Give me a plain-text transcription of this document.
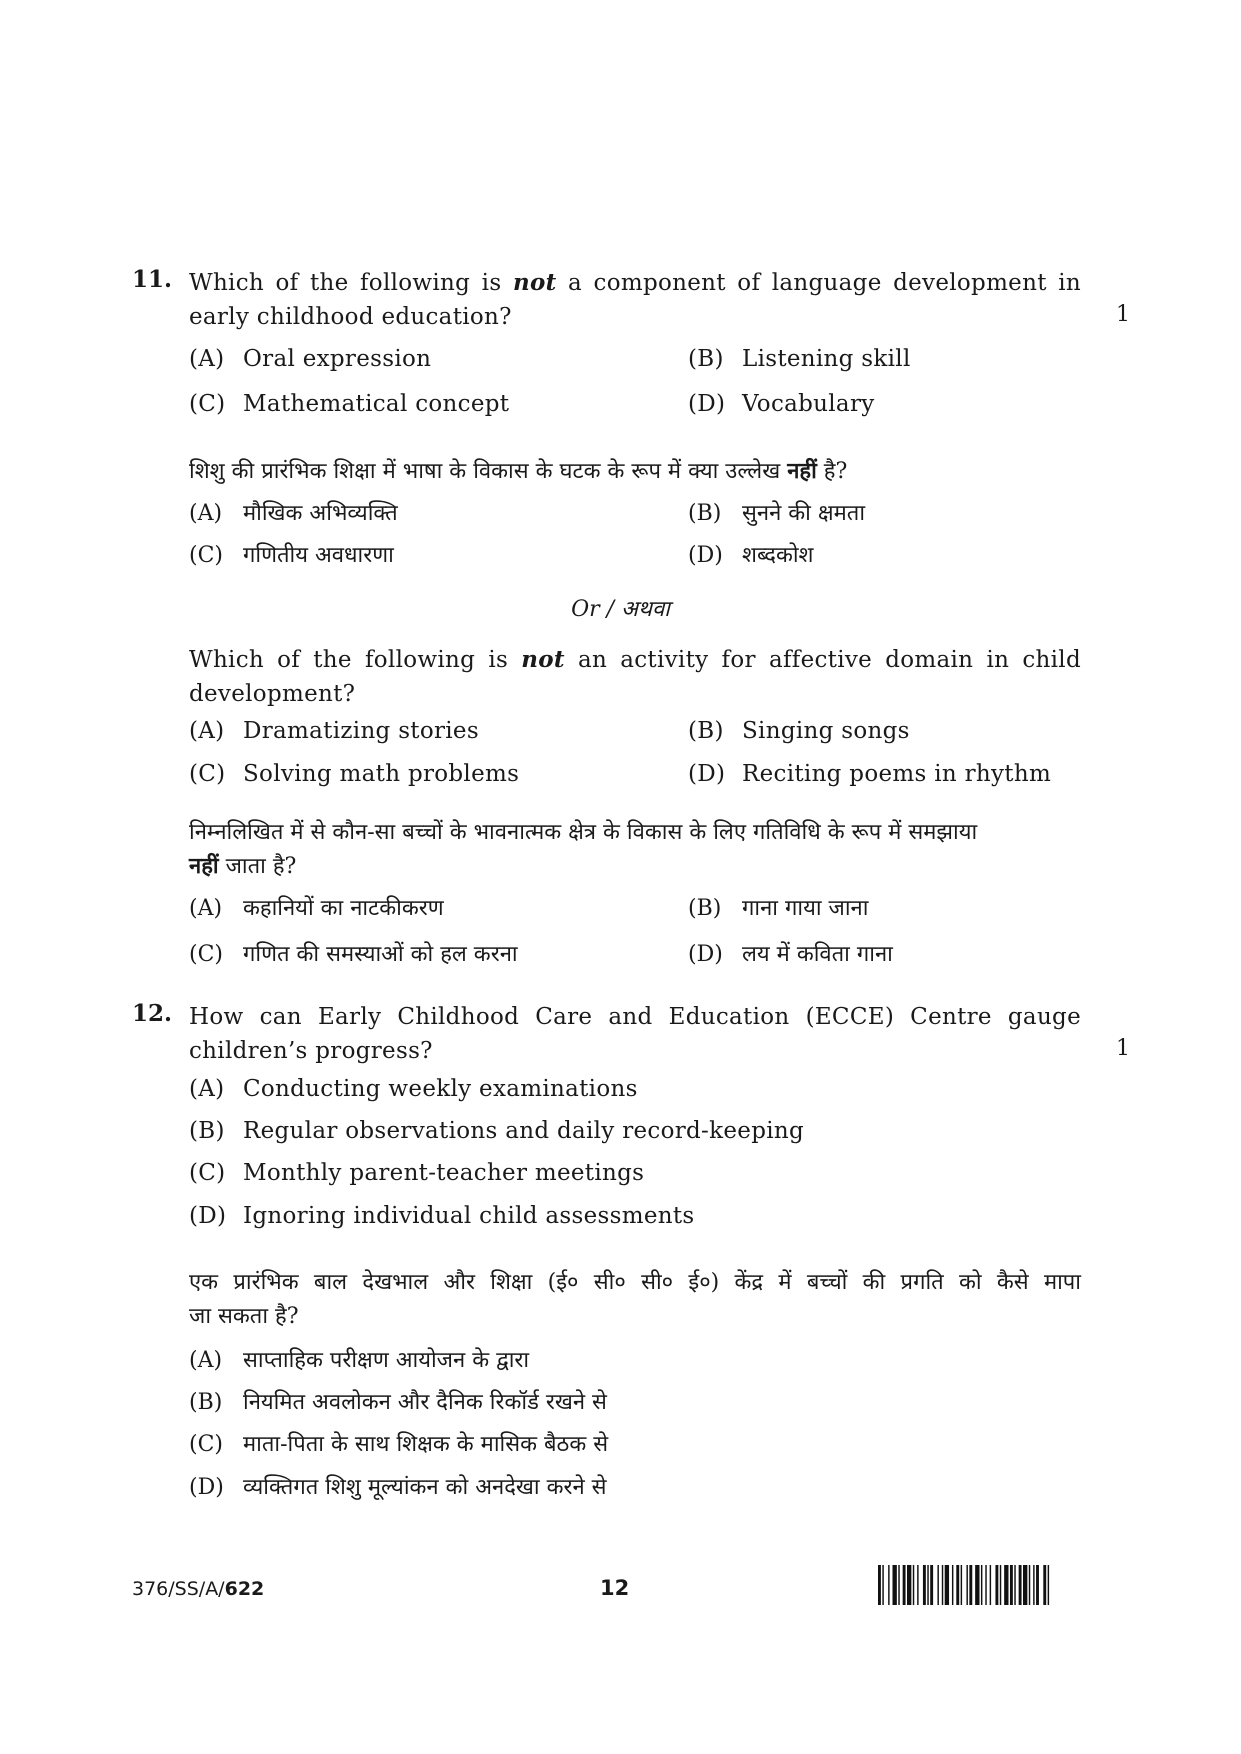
11. Which of the following is not a component of language development in
early childhood education?	1
(A) Oral expression	(B) Listening skill
(C) Mathematical concept	(D) Vocabulary
शिशु की प्रारंभिक शिक्षा में भाषा के विकास के घटक के रूप में क्या उल्लेख नहीं है?
(A) मौखिक अभिव्यक्ति	(B) सुनने की क्षमता
(C) गणितीय अवधारणा	(D) शब्दकोश
Or / अथवा
Which of the following is not an activity for affective domain in child
development?
(A) Dramatizing stories	(B) Singing songs
(C) Solving math problems	(D) Reciting poems in rhythm
निम्नलिखित में से कौन-सा बच्चों के भावनात्मक क्षेत्र के विकास के लिए गतिविधि के रूप में समझाया
नहीं जाता है?
(A) कहानियों का नाटकीकरण	(B) गाना गाया जाना
(C) गणित की समस्याओं को हल करना	(D) लय में कविता गाना
12. How can Early Childhood Care and Education (ECCE) Centre gauge
children’s progress?	1
(A) Conducting weekly examinations
(B) Regular observations and daily record-keeping
(C) Monthly parent-teacher meetings
(D) Ignoring individual child assessments
एक प्रारंभिक बाल देखभाल और शिक्षा (ई० सी० सी० ई०) केंद्र में बच्चों की प्रगति को कैसे मापा
जा सकता है?
(A) साप्ताहिक परीक्षण आयोजन के द्वारा
(B) नियमित अवलोकन और दैनिक रिकॉर्ड रखने से
(C) माता-पिता के साथ शिक्षक के मासिक बैठक से
(D) व्यक्तिगत शिशु मूल्यांकन को अनदेखा करने से
376/SS/A/622	12
